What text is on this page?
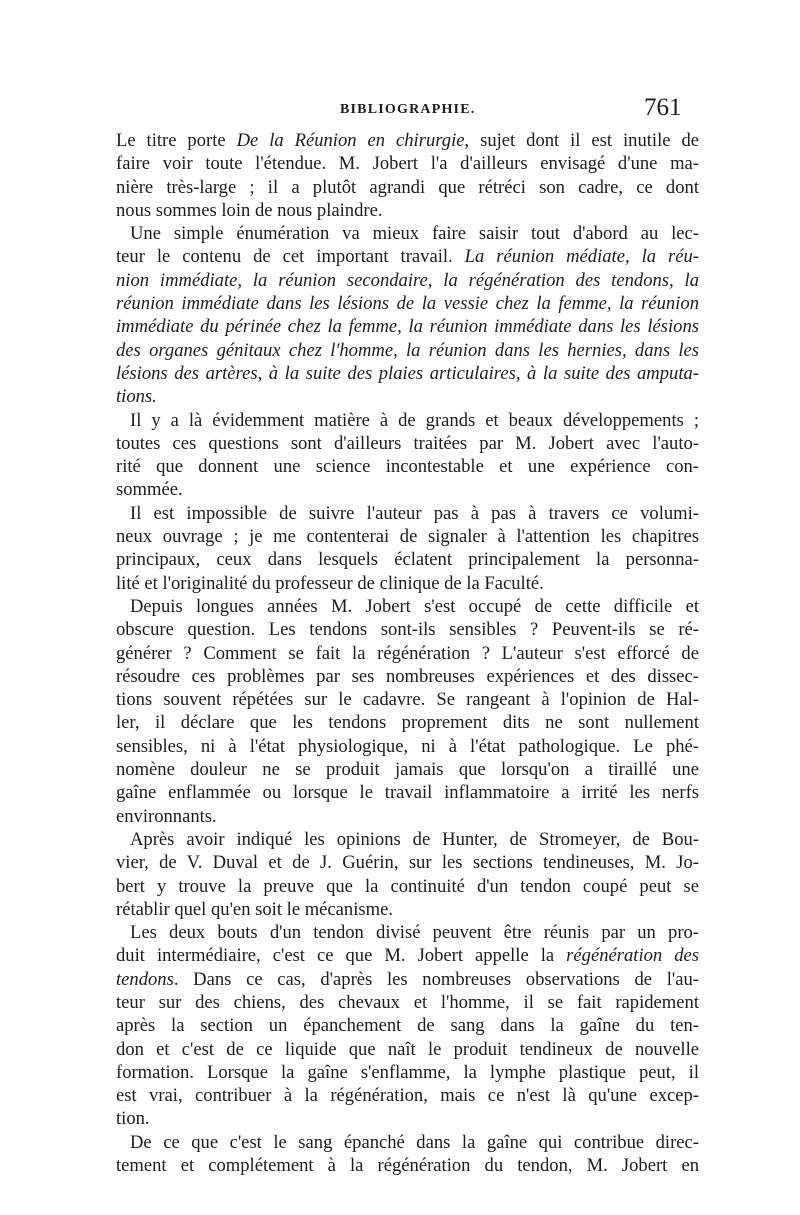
BIBLIOGRAPHIE.	761
Le titre porte De la Réunion en chirurgie, sujet dont il est inutile de
faire voir toute l'étendue. M. Jobert l'a d'ailleurs envisagé d'une ma-
nière très-large ; il a plutôt agrandi que rétréci son cadre, ce dont
nous sommes loin de nous plaindre.
Une simple énumération va mieux faire saisir tout d'abord au lec-
teur le contenu de cet important travail. La réunion médiate, la réu-
nion immédiate, la réunion secondaire, la régénération des tendons, la
réunion immédiate dans les lésions de la vessie chez la femme, la réunion
immédiate du périnée chez la femme, la réunion immédiate dans les lésions
des organes génitaux chez l'homme, la réunion dans les hernies, dans les
lésions des artères, à la suite des plaies articulaires, à la suite des amputa-
tions.
Il y a là évidemment matière à de grands et beaux développements ;
toutes ces questions sont d'ailleurs traitées par M. Jobert avec l'auto-
rité que donnent une science incontestable et une expérience con-
sommée.
Il est impossible de suivre l'auteur pas à pas à travers ce volumi-
neux ouvrage ; je me contenterai de signaler à l'attention les chapitres
principaux, ceux dans lesquels éclatent principalement la personna-
lité et l'originalité du professeur de clinique de la Faculté.
Depuis longues années M. Jobert s'est occupé de cette difficile et
obscure question. Les tendons sont-ils sensibles ? Peuvent-ils se ré-
générer ? Comment se fait la régénération ? L'auteur s'est efforcé de
résoudre ces problèmes par ses nombreuses expériences et des dissec-
tions souvent répétées sur le cadavre. Se rangeant à l'opinion de Hal-
ler, il déclare que les tendons proprement dits ne sont nullement
sensibles, ni à l'état physiologique, ni à l'état pathologique. Le phé-
nomène douleur ne se produit jamais que lorsqu'on a tiraillé une
gaîne enflammée ou lorsque le travail inflammatoire a irrité les nerfs
environnants.
Après avoir indiqué les opinions de Hunter, de Stromeyer, de Bou-
vier, de V. Duval et de J. Guérin, sur les sections tendineuses, M. Jo-
bert y trouve la preuve que la continuité d'un tendon coupé peut se
rétablir quel qu'en soit le mécanisme.
Les deux bouts d'un tendon divisé peuvent être réunis par un pro-
duit intermédiaire, c'est ce que M. Jobert appelle la régénération des
tendons. Dans ce cas, d'après les nombreuses observations de l'au-
teur sur des chiens, des chevaux et l'homme, il se fait rapidement
après la section un épanchement de sang dans la gaîne du ten-
don et c'est de ce liquide que naît le produit tendineux de nouvelle
formation. Lorsque la gaîne s'enflamme, la lymphe plastique peut, il
est vrai, contribuer à la régénération, mais ce n'est là qu'une excep-
tion.
De ce que c'est le sang épanché dans la gaîne qui contribue direc-
tement et complétement à la régénération du tendon, M. Jobert en
